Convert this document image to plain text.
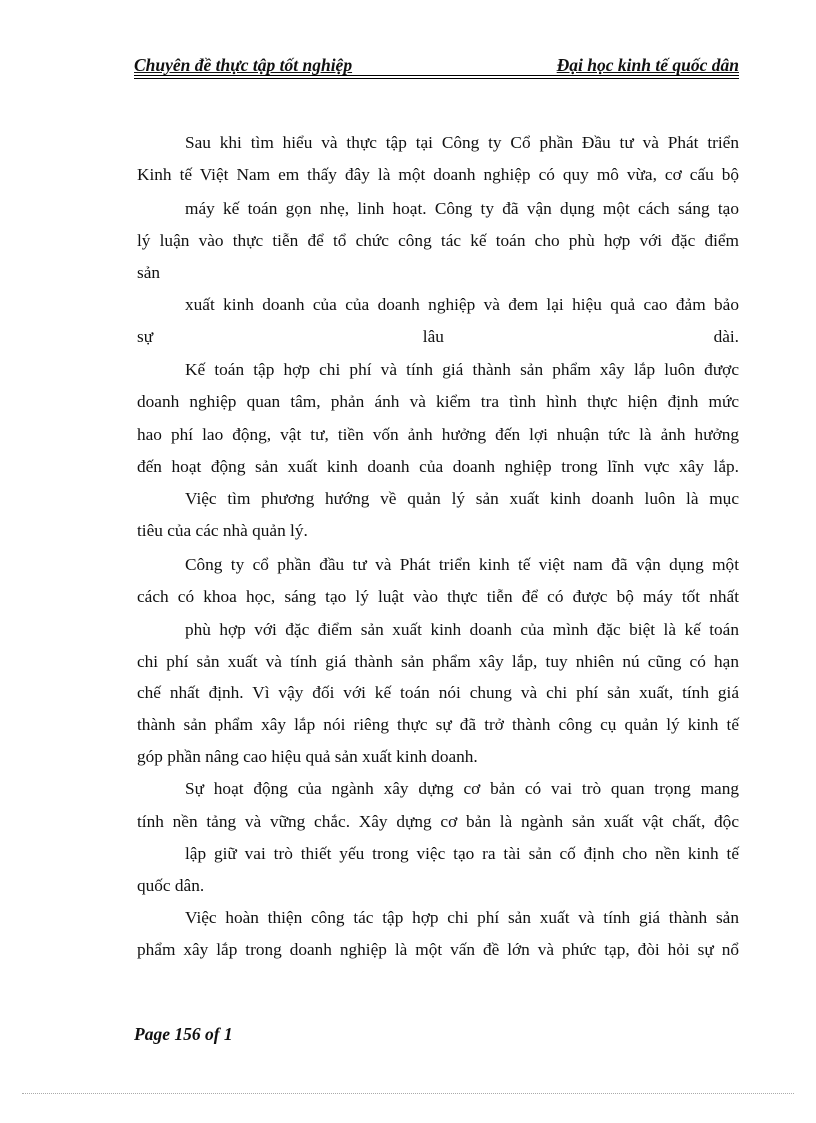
Chuyên đề thực tập tốt nghiệp	Đại học kinh tế quốc dân
Sau khi tìm hiểu và thực tập tại Công ty Cổ phần Đầu tư và Phát triển
Kinh tế Việt Nam em thấy đây là một doanh nghiệp có quy mô vừa, cơ cấu bộ
máy kế toán gọn nhẹ, linh hoạt. Công ty đã vận dụng một cách sáng tạo
lý luận vào thực tiễn để tổ chức công tác kế toán cho phù hợp với đặc điểm
sản
xuất kinh doanh của của doanh nghiệp và đem lại hiệu quả cao đảm bảo
sự lâu dài.
Kế toán tập hợp chi phí và tính giá thành sản phẩm xây lắp luôn được
doanh nghiệp quan tâm, phản ánh và kiểm tra tình hình thực hiện định mức
hao phí lao động, vật tư, tiền vốn ảnh hưởng đến lợi nhuận tức là ảnh hưởng
đến hoạt động sản xuất kinh doanh của doanh nghiệp trong lĩnh vực xây lắp.
Việc tìm phương hướng về quản lý sản xuất kinh doanh luôn là mục
tiêu của các nhà quản lý.
Công ty cổ phần đầu tư và Phát triển kinh tế việt nam đã vận dụng một
cách có khoa học, sáng tạo lý luật vào thực tiễn để có được bộ máy tốt nhất
phù hợp với đặc điểm sản xuất kinh doanh của mình đặc biệt là kế toán
chi phí sản xuất và tính giá thành sản phẩm xây lắp, tuy nhiên nú cũng có hạn
chế nhất định. Vì vậy đối với kế toán nói chung và chi phí sản xuất, tính giá
thành sản phẩm xây lắp nói riêng thực sự đã trở thành công cụ quản lý kinh tế
góp phần nâng cao hiệu quả sản xuất kinh doanh.
Sự hoạt động của ngành xây dựng cơ bản có vai trò quan trọng mang
tính nền tảng và vững chắc. Xây dựng cơ bản là ngành sản xuất vật chất, độc
lập giữ vai trò thiết yếu trong việc tạo ra tài sản cố định cho nền kinh tế
quốc dân.
Việc hoàn thiện công tác tập hợp chi phí sản xuất và tính giá thành sản
phẩm xây lắp trong doanh nghiệp là một vấn đề lớn và phức tạp, đòi hỏi sự nổ
Page 156 of 1
